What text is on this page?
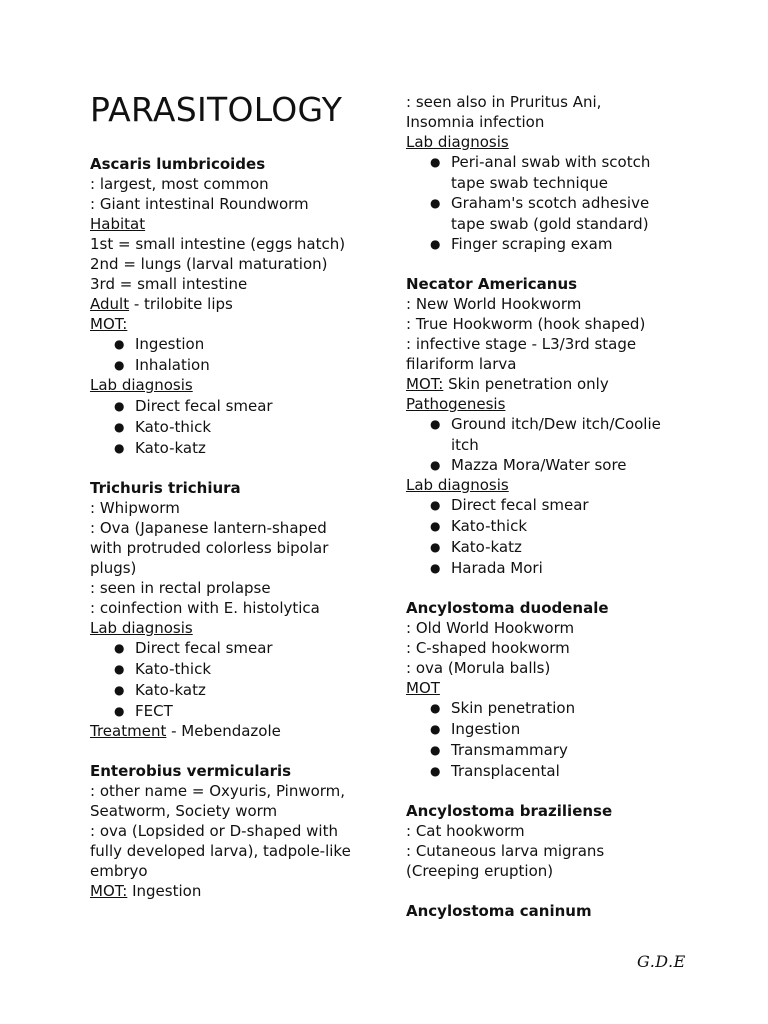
PARASITOLOGY
Ascaris lumbricoides
: largest, most common
: Giant intestinal Roundworm
Habitat
1st = small intestine (eggs hatch)
2nd = lungs (larval maturation)
3rd = small intestine
Adult - trilobite lips
MOT:
● Ingestion
● Inhalation
Lab diagnosis
● Direct fecal smear
● Kato-thick
● Kato-katz
Trichuris trichiura
: Whipworm
: Ova (Japanese lantern-shaped
with protruded colorless bipolar
plugs)
: seen in rectal prolapse
: coinfection with E. histolytica
Lab diagnosis
● Direct fecal smear
● Kato-thick
● Kato-katz
● FECT
Treatment - Mebendazole
Enterobius vermicularis
: other name = Oxyuris, Pinworm,
Seatworm, Society worm
: ova (Lopsided or D-shaped with
fully developed larva), tadpole-like
embryo
MOT: Ingestion
: seen also in Pruritus Ani,
Insomnia infection
Lab diagnosis
● Peri-anal swab with scotch
tape swab technique
● Graham's scotch adhesive
tape swab (gold standard)
● Finger scraping exam
Necator Americanus
: New World Hookworm
: True Hookworm (hook shaped)
: infective stage - L3/3rd stage
filariform larva
MOT: Skin penetration only
Pathogenesis
● Ground itch/Dew itch/Coolie
itch
● Mazza Mora/Water sore
Lab diagnosis
● Direct fecal smear
● Kato-thick
● Kato-katz
● Harada Mori
Ancylostoma duodenale
: Old World Hookworm
: C-shaped hookworm
: ova (Morula balls)
MOT
● Skin penetration
● Ingestion
● Transmammary
● Transplacental
Ancylostoma braziliense
: Cat hookworm
: Cutaneous larva migrans
(Creeping eruption)
Ancylostoma caninum
G.D.E
